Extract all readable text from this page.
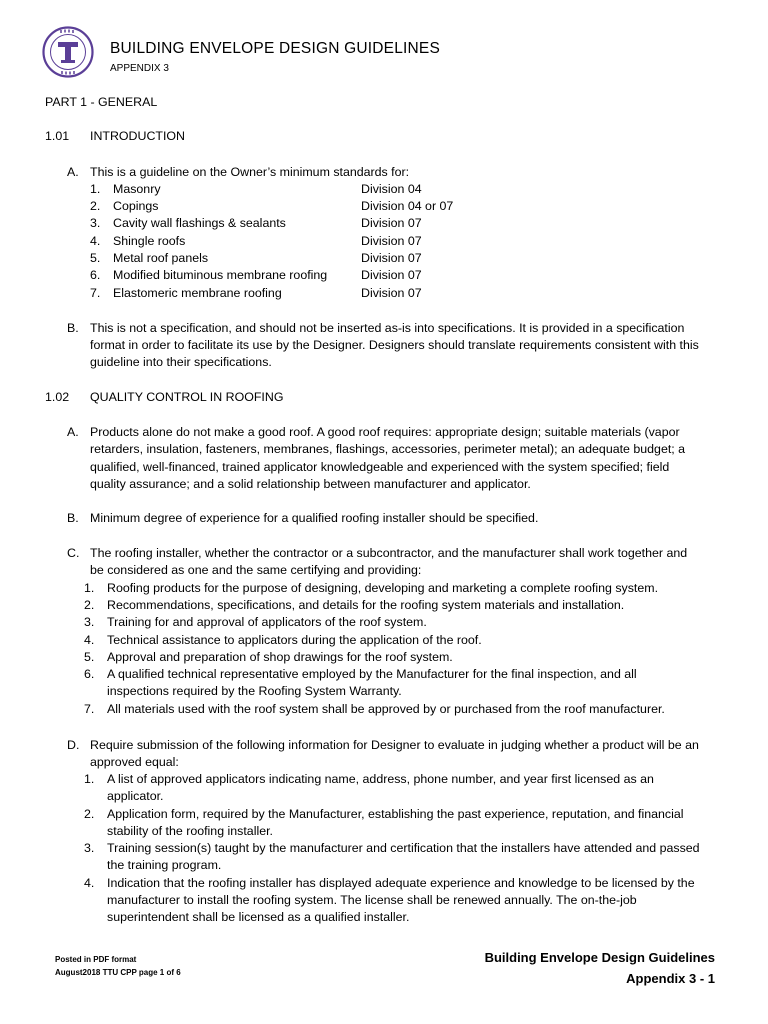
BUILDING ENVELOPE DESIGN GUIDELINES
APPENDIX 3
PART 1 - GENERAL
1.01 INTRODUCTION
A. This is a guideline on the Owner’s minimum standards for:
1. Masonry	Division 04
2. Copings	Division 04 or 07
3. Cavity wall flashings & sealants	Division 07
4. Shingle roofs	Division 07
5. Metal roof panels	Division 07
6. Modified bituminous membrane roofing	Division 07
7. Elastomeric membrane roofing	Division 07
B. This is not a specification, and should not be inserted as-is into specifications. It is provided in a specification
format in order to facilitate its use by the Designer. Designers should translate requirements consistent with this
guideline into their specifications.
1.02 QUALITY CONTROL IN ROOFING
A. Products alone do not make a good roof. A good roof requires: appropriate design; suitable materials (vapor
retarders, insulation, fasteners, membranes, flashings, accessories, perimeter metal); an adequate budget; a
qualified, well-financed, trained applicator knowledgeable and experienced with the system specified; field
quality assurance; and a solid relationship between manufacturer and applicator.
B. Minimum degree of experience for a qualified roofing installer should be specified.
C. The roofing installer, whether the contractor or a subcontractor, and the manufacturer shall work together and
be considered as one and the same certifying and providing:
1. Roofing products for the purpose of designing, developing and marketing a complete roofing system.
2. Recommendations, specifications, and details for the roofing system materials and installation.
3. Training for and approval of applicators of the roof system.
4. Technical assistance to applicators during the application of the roof.
5. Approval and preparation of shop drawings for the roof system.
6. A qualified technical representative employed by the Manufacturer for the final inspection, and all
inspections required by the Roofing System Warranty.
7. All materials used with the roof system shall be approved by or purchased from the roof manufacturer.
D. Require submission of the following information for Designer to evaluate in judging whether a product will be an
approved equal:
1. A list of approved applicators indicating name, address, phone number, and year first licensed as an
applicator.
2. Application form, required by the Manufacturer, establishing the past experience, reputation, and financial
stability of the roofing installer.
3. Training session(s) taught by the manufacturer and certification that the installers have attended and passed
the training program.
4. Indication that the roofing installer has displayed adequate experience and knowledge to be licensed by the
manufacturer to install the roofing system. The license shall be renewed annually. The on-the-job
superintendent shall be licensed as a qualified installer.
Posted in PDF format
August2018 TTU CPP page 1 of 6
Building Envelope Design Guidelines
Appendix 3 - 1
